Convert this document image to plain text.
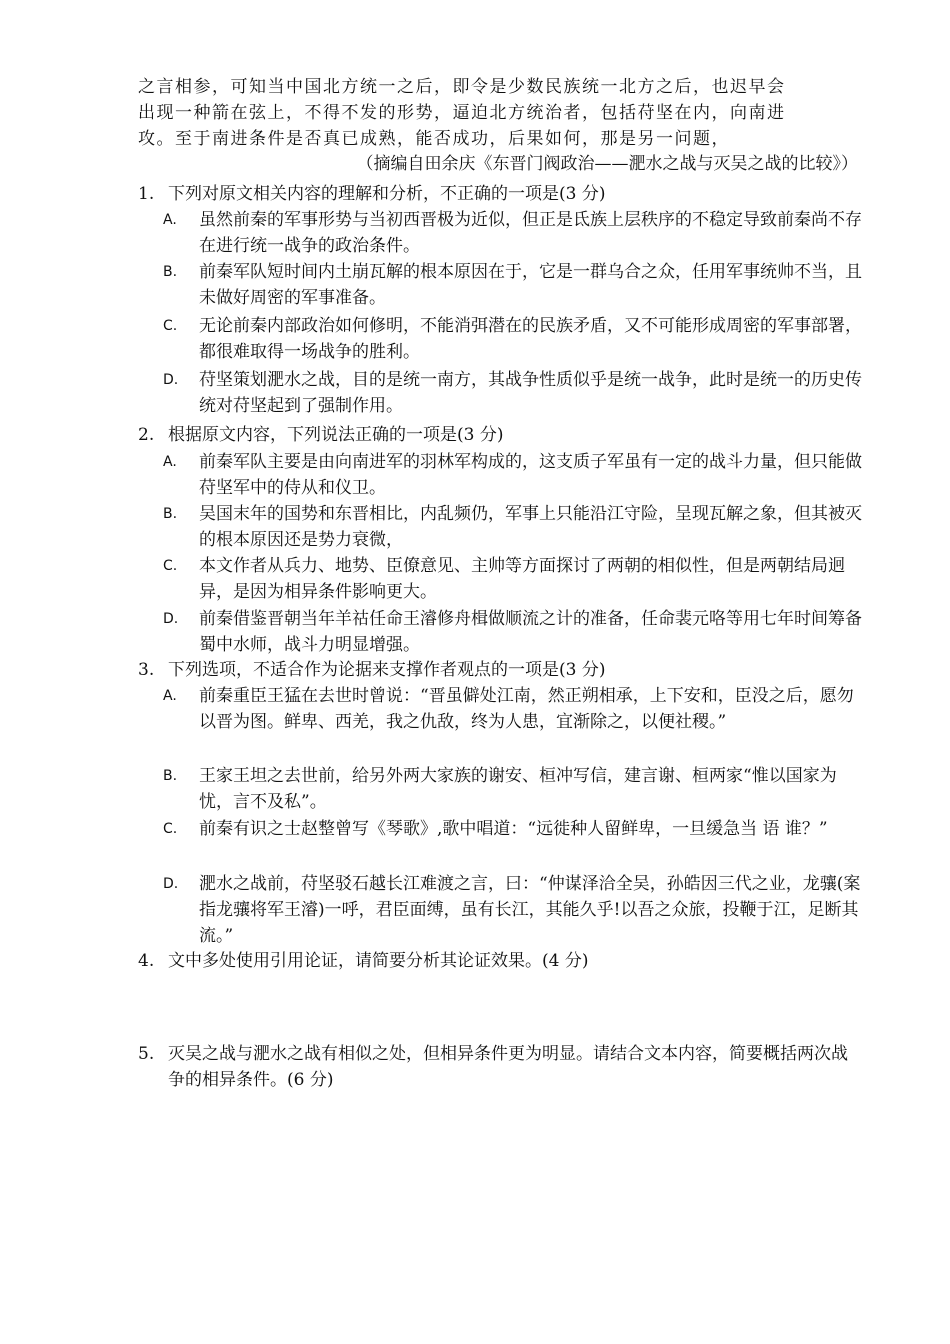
之言相参，可知当中国北方统一之后，即令是少数民族统一北方之后，也迟早会
出现一种箭在弦上，不得不发的形势，逼迫北方统治者，包括苻坚在内，向南进
攻。至于南进条件是否真已成熟，能否成功，后果如何，那是另一问题，
（摘编自田余庆《东晋门阀政治——淝水之战与灭吴之战的比较》）
1. 下列对原文相关内容的理解和分析，不正确的一项是(3 分)
A.	虽然前秦的军事形势与当初西晋极为近似，但正是氐族上层秩序的不稳定导致前秦尚不存在进行统一战争的政治条件。
B.	前秦军队短时间内土崩瓦解的根本原因在于，它是一群乌合之众，任用军事统帅不当，且未做好周密的军事准备。
C.	无论前秦内部政治如何修明，不能消弭潜在的民族矛盾，又不可能形成周密的军事部署，都很难取得一场战争的胜利。
D.	苻坚策划淝水之战，目的是统一南方，其战争性质似乎是统一战争，此时是统一的历史传统对苻坚起到了强制作用。
2. 根据原文内容，下列说法正确的一项是(3 分)
A.	前秦军队主要是由向南进军的羽林军构成的，这支质子军虽有一定的战斗力量，但只能做苻坚军中的侍从和仪卫。
B.	吴国末年的国势和东晋相比，内乱频仍，军事上只能沿江守险，呈现瓦解之象，但其被灭的根本原因还是势力衰微，
C.	本文作者从兵力、地势、臣僚意见、主帅等方面探讨了两朝的相似性，但是两朝结局迥异，是因为相异条件影响更大。
D.	前秦借鉴晋朝当年羊祜任命王濬修舟楫做顺流之计的准备，任命裴元咯等用七年时间筹备蜀中水师，战斗力明显增强。
3. 下列选项，不适合作为论据来支撑作者观点的一项是(3 分)
A.	前秦重臣王猛在去世时曾说：“晋虽僻处江南，然正朔相承，上下安和，臣没之后，愿勿以晋为图。鲜卑、西羌，我之仇敌，终为人患，宜渐除之，以便社稷。”
B.	王家王坦之去世前，给另外两大家族的谢安、桓冲写信，建言谢、桓两家“惟以国家为忧，言不及私”。
C.	前秦有识之士赵整曾写《琴歌》,歌中唱道：“远徙种人留鲜卑，一旦缓急当 语 谁？”
D.	淝水之战前，苻坚驳石越长江难渡之言，曰：“仲谋泽洽全吴，孙皓因三代之业，龙骧(案指龙骧将军王濬)一呼，君臣面缚，虽有长江，其能久乎!以吾之众旅，投鞭于江，足断其流。”
4. 文中多处使用引用论证，请简要分析其论证效果。(4 分)
5. 灭吴之战与淝水之战有相似之处，但相异条件更为明显。请结合文本内容，简要概括两次战争的相异条件。(6 分)
